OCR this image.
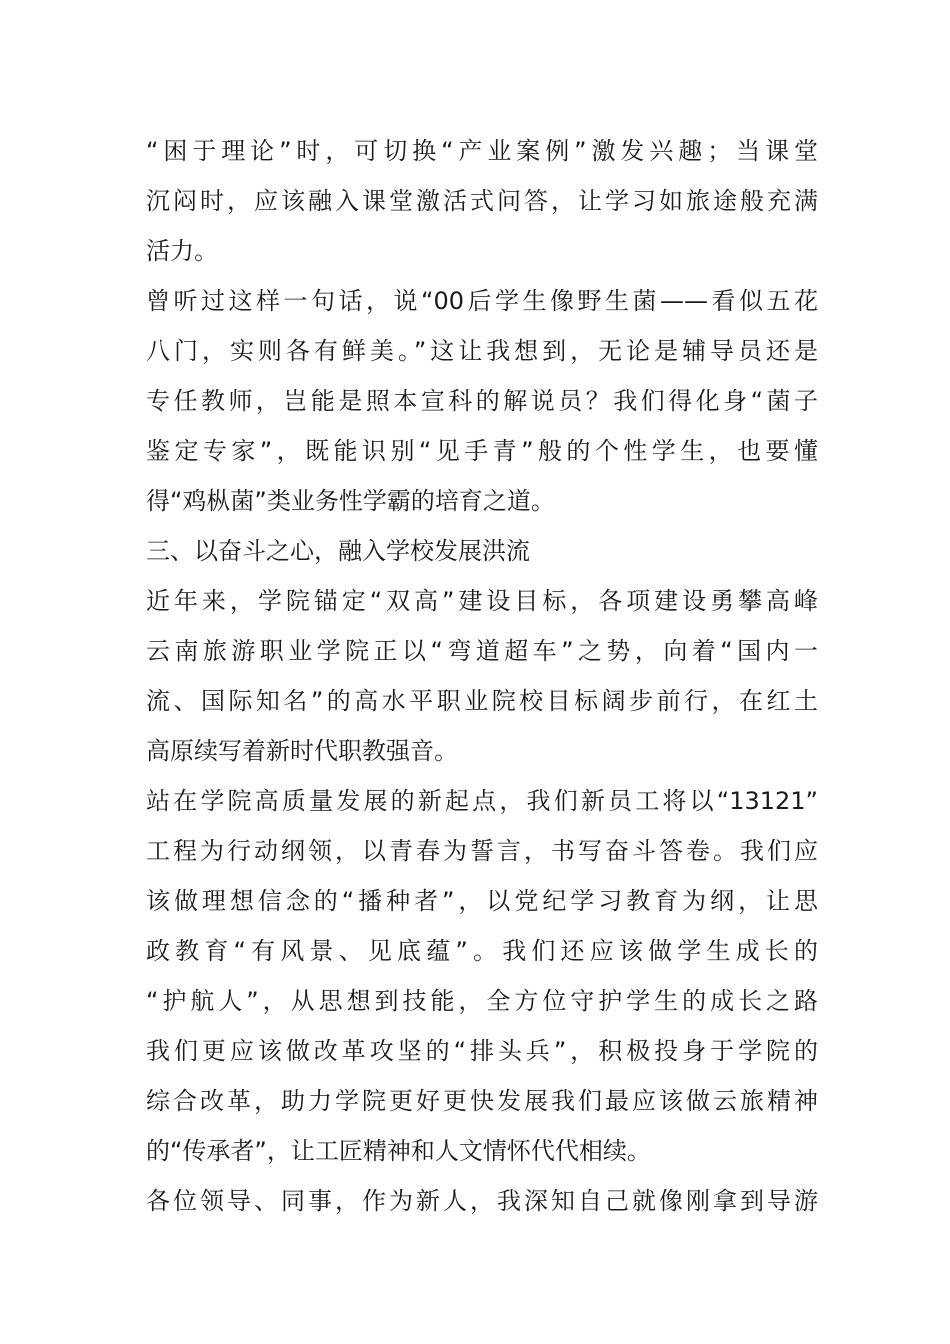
“困于理论”时，可切换“产业案例”激发兴趣；当课堂
沉闷时，应该融入课堂激活式问答，让学习如旅途般充满
活力。
曾听过这样一句话，说“00后学生像野生菌——看似五花
八门，实则各有鲜美。”这让我想到，无论是辅导员还是
专任教师，岂能是照本宣科的解说员？我们得化身“菌子
鉴定专家”，既能识别“见手青”般的个性学生，也要懂
得“鸡枞菌”类业务性学霸的培育之道。
三、以奋斗之心，融入学校发展洪流
近年来，学院锚定“双高”建设目标，各项建设勇攀高峰
云南旅游职业学院正以“弯道超车”之势，向着“国内一
流、国际知名”的高水平职业院校目标阔步前行，在红土
高原续写着新时代职教强音。
站在学院高质量发展的新起点，我们新员工将以“13121”
工程为行动纲领，以青春为誓言，书写奋斗答卷。我们应
该做理想信念的“播种者”，以党纪学习教育为纲，让思
政教育“有风景、见底蕴”。我们还应该做学生成长的
“护航人”，从思想到技能，全方位守护学生的成长之路
我们更应该做改革攻坚的“排头兵”，积极投身于学院的
综合改革，助力学院更好更快发展我们最应该做云旅精神
的“传承者”，让工匠精神和人文情怀代代相续。
各位领导、同事，作为新人，我深知自己就像刚拿到导游
